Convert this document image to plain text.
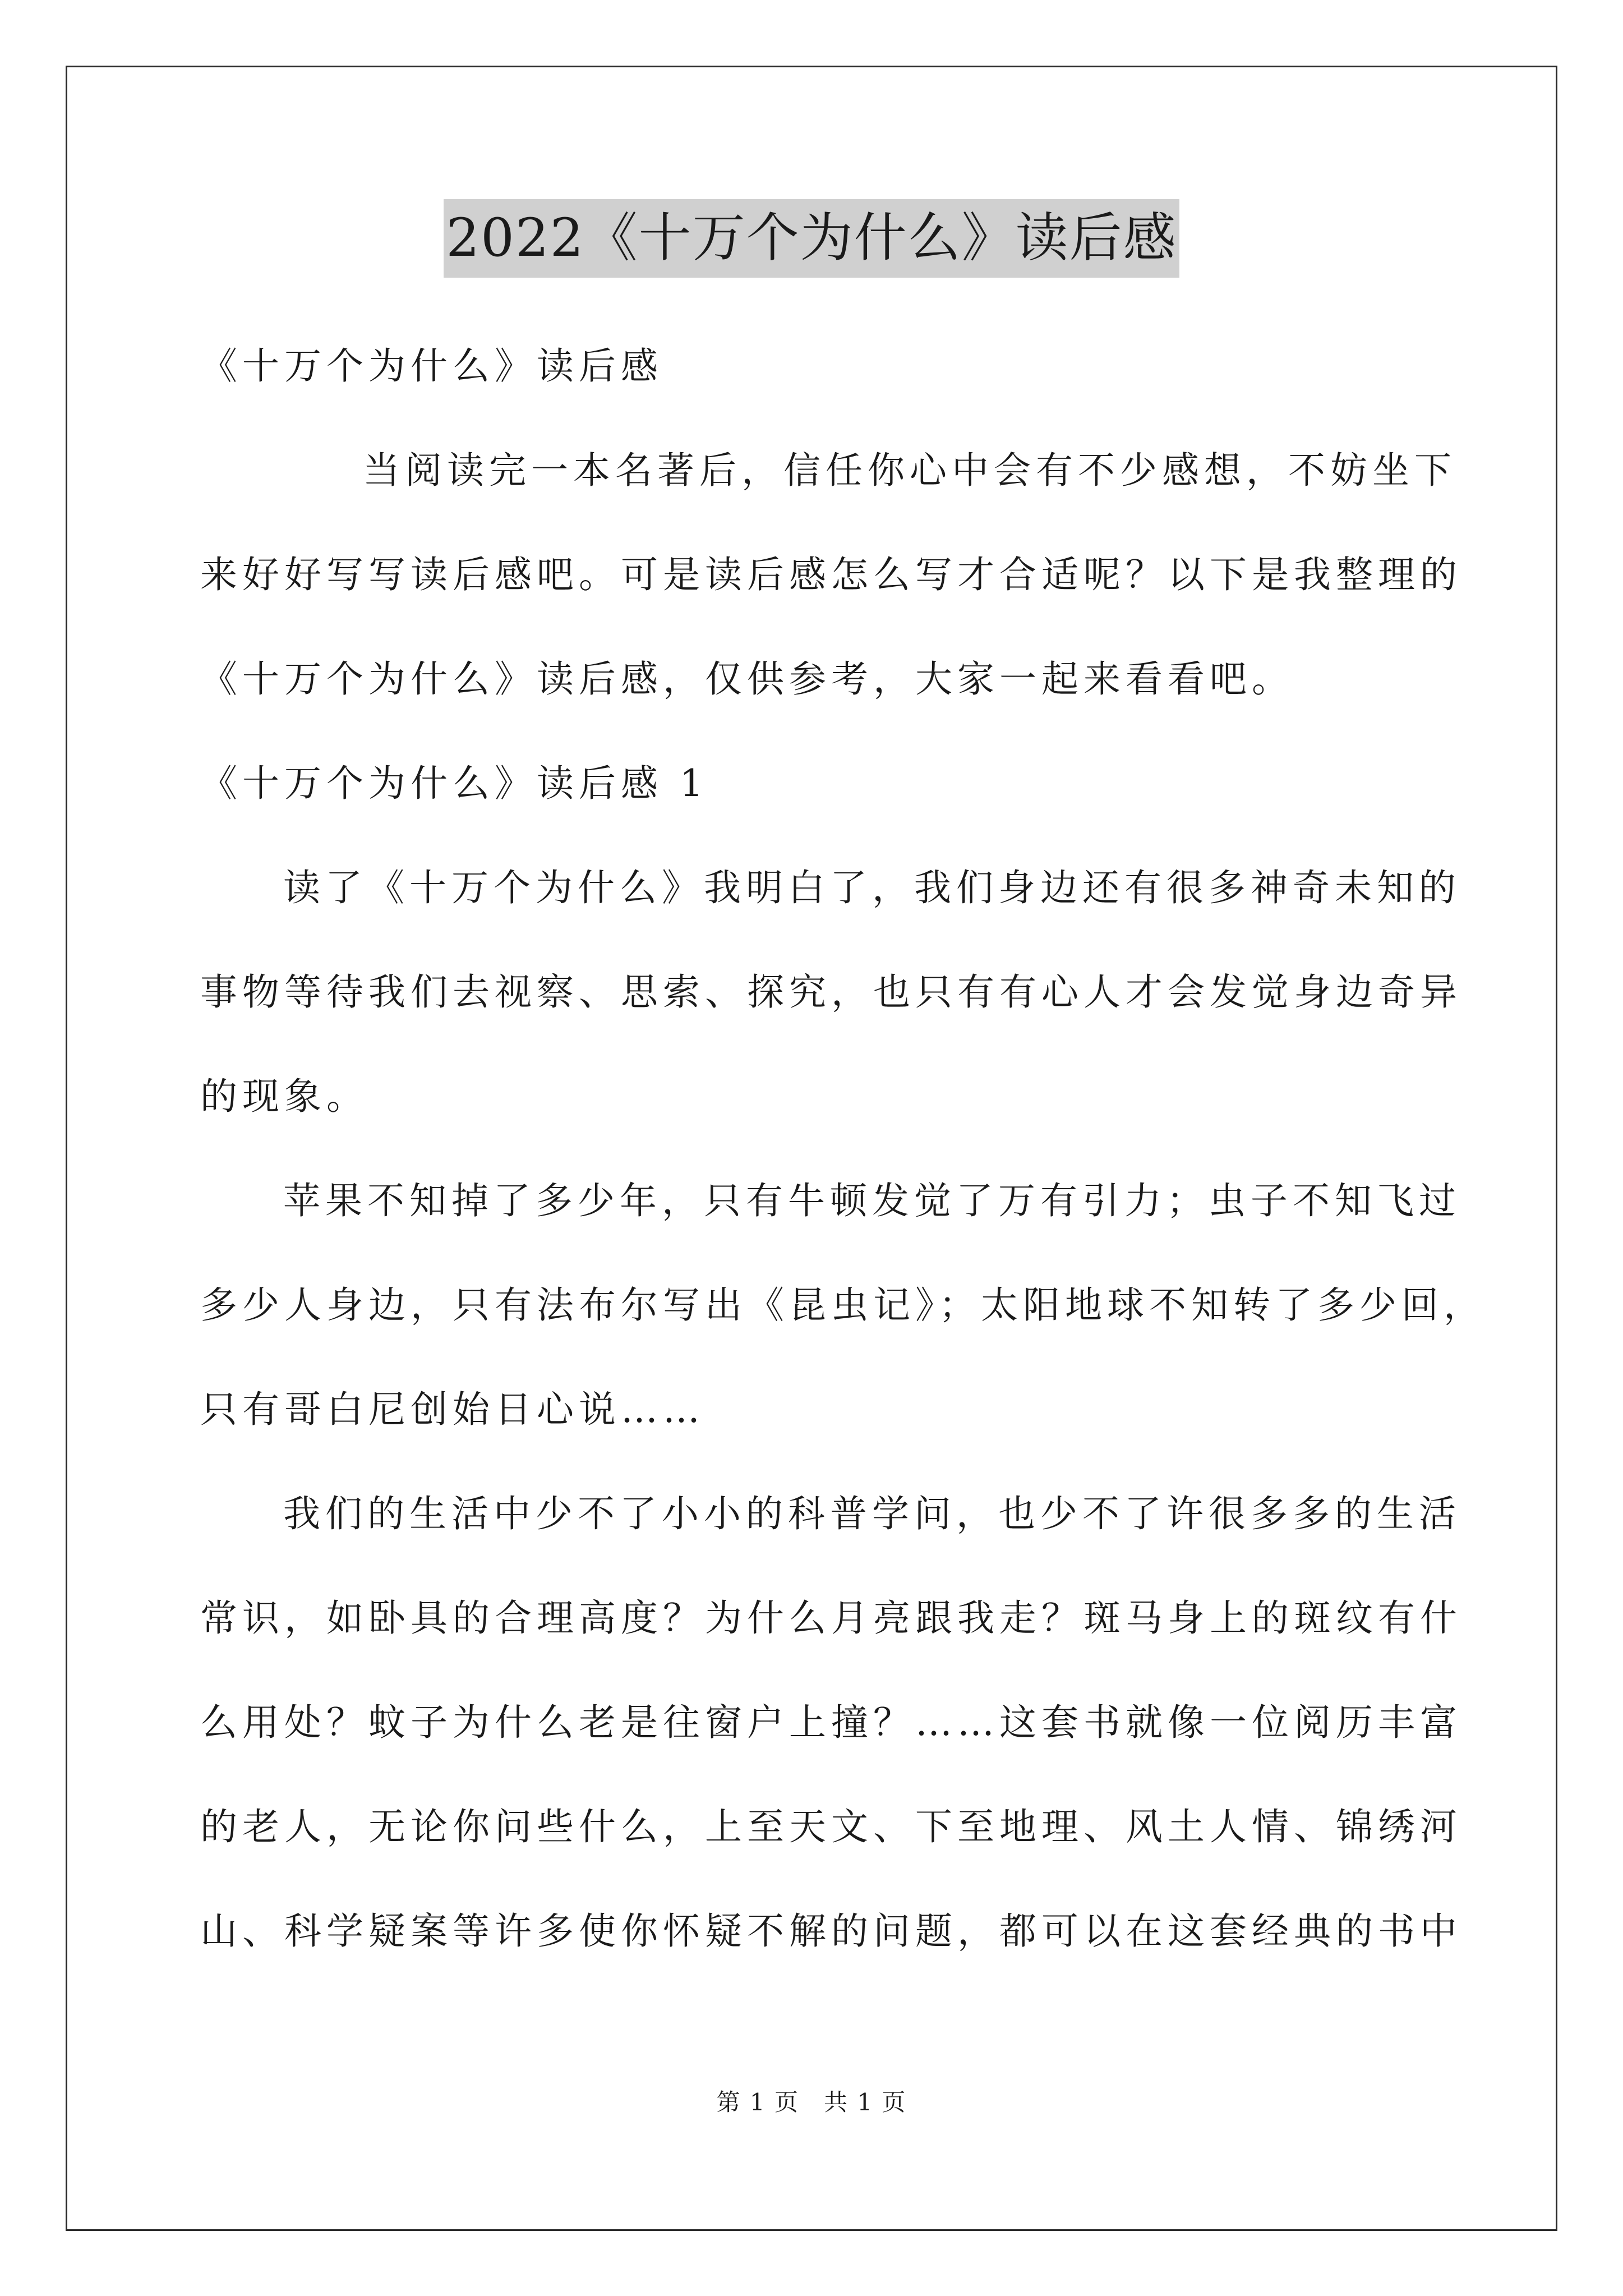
2022《十万个为什么》读后感
《十万个为什么》读后感
当阅读完一本名著后，信任你心中会有不少感想，不妨坐下
来好好写写读后感吧。可是读后感怎么写才合适呢？以下是我整理的
《十万个为什么》读后感，仅供参考，大家一起来看看吧。
《十万个为什么》读后感 1
读了《十万个为什么》我明白了，我们身边还有很多神奇未知的
事物等待我们去视察、思索、探究，也只有有心人才会发觉身边奇异
的现象。
苹果不知掉了多少年，只有牛顿发觉了万有引力；虫子不知飞过
多少人身边，只有法布尔写出《昆虫记》；太阳地球不知转了多少回，
只有哥白尼创始日心说……
我们的生活中少不了小小的科普学问，也少不了许很多多的生活
常识，如卧具的合理高度？为什么月亮跟我走？斑马身上的斑纹有什
么用处？蚊子为什么老是往窗户上撞？……这套书就像一位阅历丰富
的老人，无论你问些什么，上至天文、下至地理、风土人情、锦绣河
山、科学疑案等许多使你怀疑不解的问题，都可以在这套经典的书中
第 1 页　共 1 页
